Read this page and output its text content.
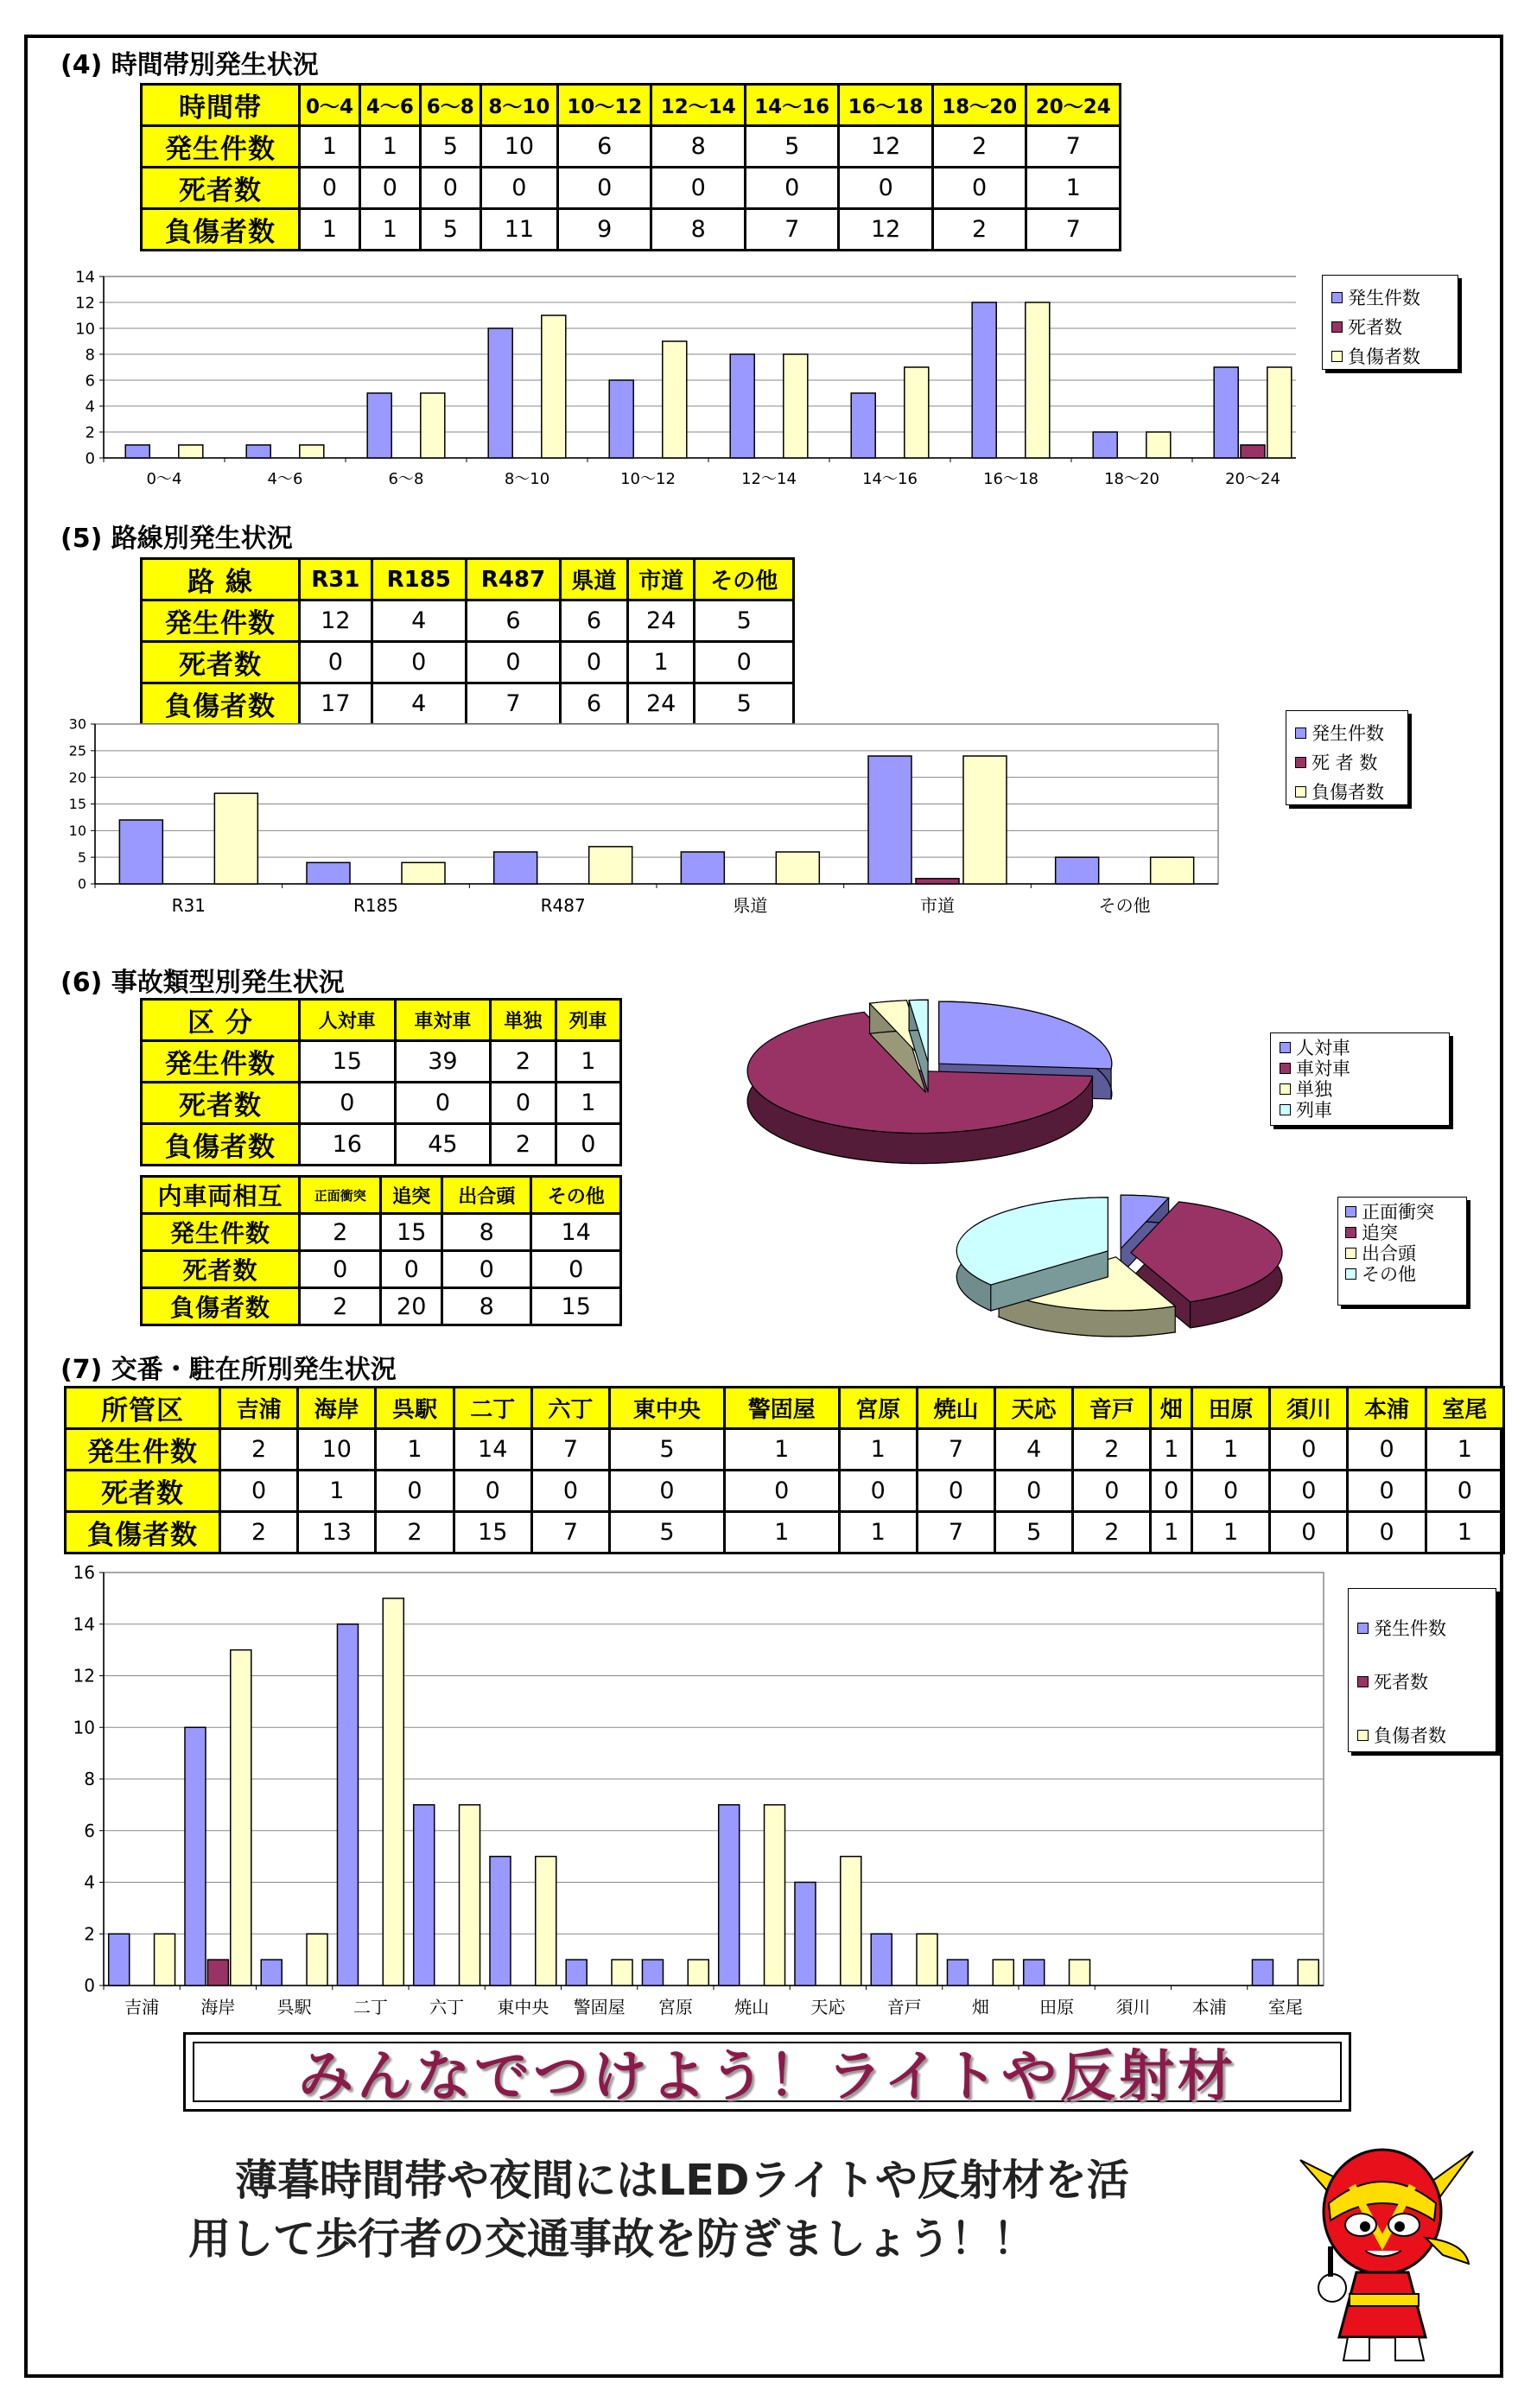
(4) 時間帯別発生状況
時間帯	0～4	4～6	6～8	8～10	10～12	12～14	14～16	16～18	18～20	20～24
発生件数	1	1	5	10	6	8	5	12	2	7
死者数	0	0	0	0	0	0	0	0	0	1
負傷者数	1	1	5	11	9	8	7	12	2	7
0
2
4
6
8
10
12
14
0～4	4～6	6～8	8～10	10～12	12～14	14～16	16～18	18～20	20～24
発生件数
死者数
負傷者数
(5) 路線別発生状況
路 線	R31	R185	R487	県道	市道	その他
発生件数	12	4	6	6	24	5
死者数	0	0	0	0	1	0
負傷者数	17	4	7	6	24	5
0
5
10
15
20
25
30
R31	R185	R487	県道	市道	その他
発生件数
死 者 数
負傷者数
(6) 事故類型別発生状況
区 分	人対車	車対車	単独	列車
発生件数	15	39	2	1
死者数	0	0	0	1
負傷者数	16	45	2	0
内車両相互	正面衝突	追突	出合頭	その他
発生件数	2	15	8	14
死者数	0	0	0	0
負傷者数	2	20	8	15
人対車
車対車
単独
列車
正面衝突
追突
出合頭
その他
(7) 交番・駐在所別発生状況
所管区	吉浦	海岸	呉駅	二丁	六丁	東中央	警固屋	宮原	焼山	天応	音戸	畑	田原	須川	本浦	室尾
発生件数	2	10	1	14	7	5	1	1	7	4	2	1	1	0	0	1
死者数	0	1	0	0	0	0	0	0	0	0	0	0	0	0	0	0
負傷者数	2	13	2	15	7	5	1	1	7	5	2	1	1	0	0	1
0
2
4
6
8
10
12
14
16
吉浦 海岸 呉駅 二丁 六丁 東中央 警固屋 宮原 焼山 天応 音戸	畑	田原 須川 本浦 室尾
発生件数
死者数
負傷者数
みんなでつけよう！ライトや反射材
薄暮時間帯や夜間にはLEDライトや反射材を活
用して歩行者の交通事故を防ぎましょう！！
